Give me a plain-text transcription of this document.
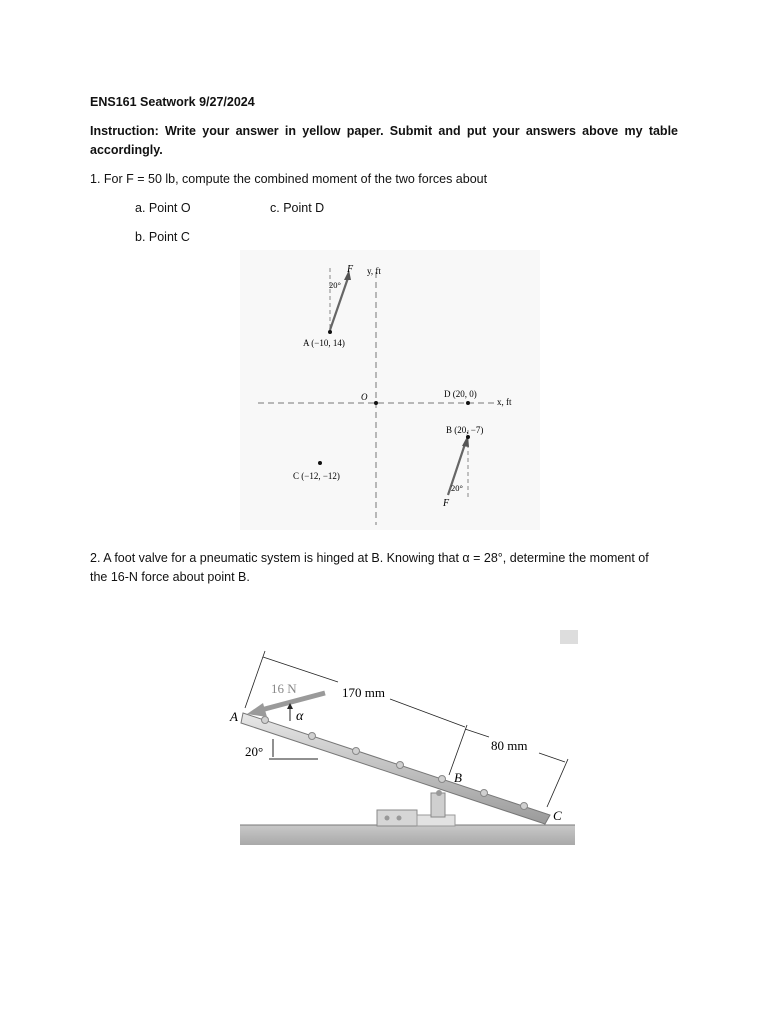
ENS161 Seatwork 9/27/2024

Instruction: Write your answer in yellow paper. Submit and put your answers above my table

accordingly.

1. For F = 50 lb, compute the combined moment of the two forces about

a. Point O	c. Point D

b. Point C

F y, ft
20°
A (−10, 14)
O	D (20, 0)
x, ft
B (20, −7)
C (−12, −12)
20°
F

2. A foot valve for a pneumatic system is hinged at B. Knowing that α = 28°, determine the moment of

the 16-N force about point B.

16 N
α
170 mm
80 mm
20°
A
B
C
